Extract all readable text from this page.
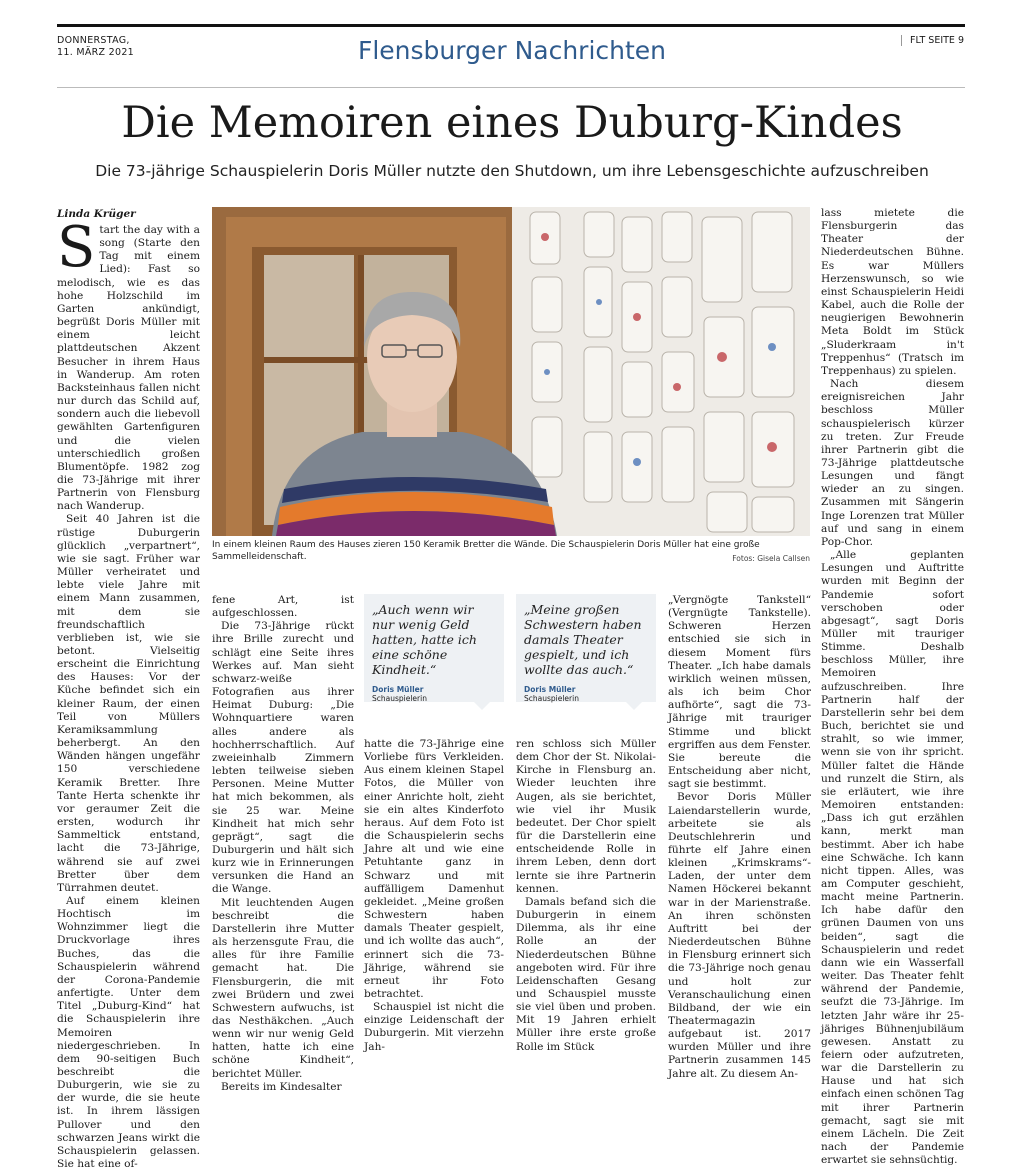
DONNERSTAG,
11. MÄRZ 2021	Flensburger Nachrichten	FLT SEITE 9
Die Memoiren eines Duburg-Kindes
Die 73-jährige Schauspielerin Doris Müller nutzte den Shutdown, um ihre Lebensgeschichte aufzuschreiben
Linda Krüger

Start the day with a song (Starte den Tag mit einem Lied): Fast so melodisch, wie es das hohe Holzschild im Garten ankündigt, begrüßt Doris Müller mit einem leicht plattdeutschen Akzent Besucher in ihrem Haus in Wanderup. Am roten Backsteinhaus fallen nicht nur durch das Schild auf, sondern auch die liebevoll gewählten Gartenfiguren und die vielen unterschiedlich großen Blumentöpfe. 1982 zog die 73-Jährige mit ihrer Partnerin von Flensburg nach Wanderup.

Seit 40 Jahren ist die rüstige Duburgerin glücklich „verpartnert“, wie sie sagt. Früher war Müller verheiratet und lebte viele Jahre mit einem Mann zusammen, mit dem sie freundschaftlich verblieben ist, wie sie betont. Vielseitig erscheint die Einrichtung des Hauses: Vor der Küche befindet sich ein kleiner Raum, der einen Teil von Müllers Keramiksammlung beherbergt. An den Wänden hängen ungefähr 150 verschiedene Keramik Bretter. Ihre Tante Herta schenkte ihr vor geraumer Zeit die ersten, wodurch ihr Sammeltick entstand, lacht die 73-Jährige, während sie auf zwei Bretter über dem Türrahmen deutet.

Auf einem kleinen Hochtisch im Wohnzimmer liegt die Druckvorlage ihres Buches, das die Schauspielerin während der Corona-Pandemie anfertigte. Unter dem Titel „Duburg-Kind“ hat die Schauspielerin ihre Memoiren niedergeschrieben. In dem 90-seitigen Buch beschreibt die Duburgerin, wie sie zu der wurde, die sie heute ist. In ihrem lässigen Pullover und den schwarzen Jeans wirkt die Schauspielerin gelassen. Sie hat eine of-

In einem kleinen Raum des Hauses zieren 150 Keramik Bretter die Wände. Die Schauspielerin Doris Müller hat eine große Sammelleidenschaft.	Fotos: Gisela Callsen

lass mietete die Flensburgerin das Theater der Niederdeutschen Bühne. Es war Müllers Herzenswunsch, so wie einst Schauspielerin Heidi Kabel, auch die Rolle der neugierigen Bewohnerin Meta Boldt im Stück „Sluderkraam in't Treppenhus“ (Tratsch im Treppenhaus) zu spielen.

Nach diesem ereignisreichen Jahr beschloss Müller schauspielerisch kürzer zu treten. Zur Freude ihrer Partnerin gibt die 73-Jährige plattdeutsche Lesungen und fängt wieder an zu singen. Zusammen mit Sängerin Inge Lorenzen trat Müller auf und sang in einem Pop-Chor.

„Alle geplanten Lesungen und Auftritte wurden mit Beginn der Pandemie sofort verschoben oder abgesagt“, sagt Doris Müller mit trauriger Stimme. Deshalb beschloss Müller, ihre Memoiren aufzuschreiben. Ihre Partnerin half der Darstellerin sehr bei dem Buch, berichtet sie und strahlt, so wie immer, wenn sie von ihr spricht. Müller faltet die Hände und runzelt die Stirn, als sie erläutert, wie ihre Memoiren entstanden: „Dass ich gut erzählen kann, merkt man bestimmt. Aber ich habe eine Schwäche. Ich kann nicht tippen. Alles, was am Computer geschieht, macht meine Partnerin. Ich habe dafür den grünen Daumen von uns beiden“, sagt die Schauspielerin und redet dann wie ein Wasserfall weiter. Das Theater fehlt während der Pandemie, seufzt die 73-Jährige. Im letzten Jahr wäre ihr 25-jähriges Bühnenjubiläum gewesen. Anstatt zu feiern oder aufzutreten, war die Darstellerin zu Hause und hat sich einfach einen schönen Tag mit ihrer Partnerin gemacht, sagt sie mit einem Lächeln. Die Zeit nach der Pandemie erwartet sie sehnsüchtig.

fene Art, ist aufgeschlossen.

Die 73-Jährige rückt ihre Brille zurecht und schlägt eine Seite ihres Werkes auf. Man sieht schwarz-weiße Fotografien aus ihrer Heimat Duburg: „Die Wohnquartiere waren alles andere als hochherrschaftlich. Auf zweieinhalb Zimmern lebten teilweise sieben Personen. Meine Mutter hat mich bekommen, als sie 25 war. Meine Kindheit hat mich sehr geprägt“, sagt die Duburgerin und hält sich kurz wie in Erinnerungen versunken die Hand an die Wange.

Mit leuchtenden Augen beschreibt die Darstellerin ihre Mutter als herzensgute Frau, die alles für ihre Familie gemacht hat. Die Flensburgerin, die mit zwei Brüdern und zwei Schwestern aufwuchs, ist das Nesthäkchen. „Auch wenn wir nur wenig Geld hatten, hatte ich eine schöne Kindheit“, berichtet Müller.

Bereits im Kindesalter

„Auch wenn wir nur wenig Geld hatten, hatte ich eine schöne Kindheit.“
Doris Müller
Schauspielerin
„Meine großen Schwestern haben damals Theater gespielt, und ich wollte das auch.“
Doris Müller
Schauspielerin

hatte die 73-Jährige eine Vorliebe fürs Verkleiden. Aus einem kleinen Stapel Fotos, die Müller von einer Anrichte holt, zieht sie ein altes Kinderfoto heraus. Auf dem Foto ist die Schauspielerin sechs Jahre alt und wie eine Petuhtante ganz in Schwarz und mit auffälligem Damenhut gekleidet. „Meine großen Schwestern haben damals Theater gespielt, und ich wollte das auch“, erinnert sich die 73-Jährige, während sie erneut ihr Foto betrachtet.

Schauspiel ist nicht die einzige Leidenschaft der Duburgerin. Mit vierzehn Jah-

ren schloss sich Müller dem Chor der St. Nikolai-Kirche in Flensburg an. Wieder leuchten ihre Augen, als sie berichtet, wie viel ihr Musik bedeutet. Der Chor spielt für die Darstellerin eine entscheidende Rolle in ihrem Leben, denn dort lernte sie ihre Partnerin kennen.

Damals befand sich die Duburgerin in einem Dilemma, als ihr eine Rolle an der Niederdeutschen Bühne angeboten wird. Für ihre Leidenschaften Gesang und Schauspiel musste sie viel üben und proben. Mit 19 Jahren erhielt Müller ihre erste große Rolle im Stück

„Vergnögte Tankstell“ (Vergnügte Tankstelle). Schweren Herzen entschied sie sich in diesem Moment fürs Theater. „Ich habe damals wirklich weinen müssen, als ich beim Chor aufhörte“, sagt die 73-Jährige mit trauriger Stimme und blickt ergriffen aus dem Fenster. Sie bereute die Entscheidung aber nicht, sagt sie bestimmt.

Bevor Doris Müller Laiendarstellerin wurde, arbeitete sie als Deutschlehrerin und führte elf Jahre einen kleinen „Krimskrams“-Laden, der unter dem Namen Höckerei bekannt war in der Marienstraße. An ihren schönsten Auftritt bei der Niederdeutschen Bühne in Flensburg erinnert sich die 73-Jährige noch genau und holt zur Veranschaulichung einen Bildband, der wie ein Theatermagazin aufgebaut ist. 2017 wurden Müller und ihre Partnerin zusammen 145 Jahre alt. Zu diesem An-
